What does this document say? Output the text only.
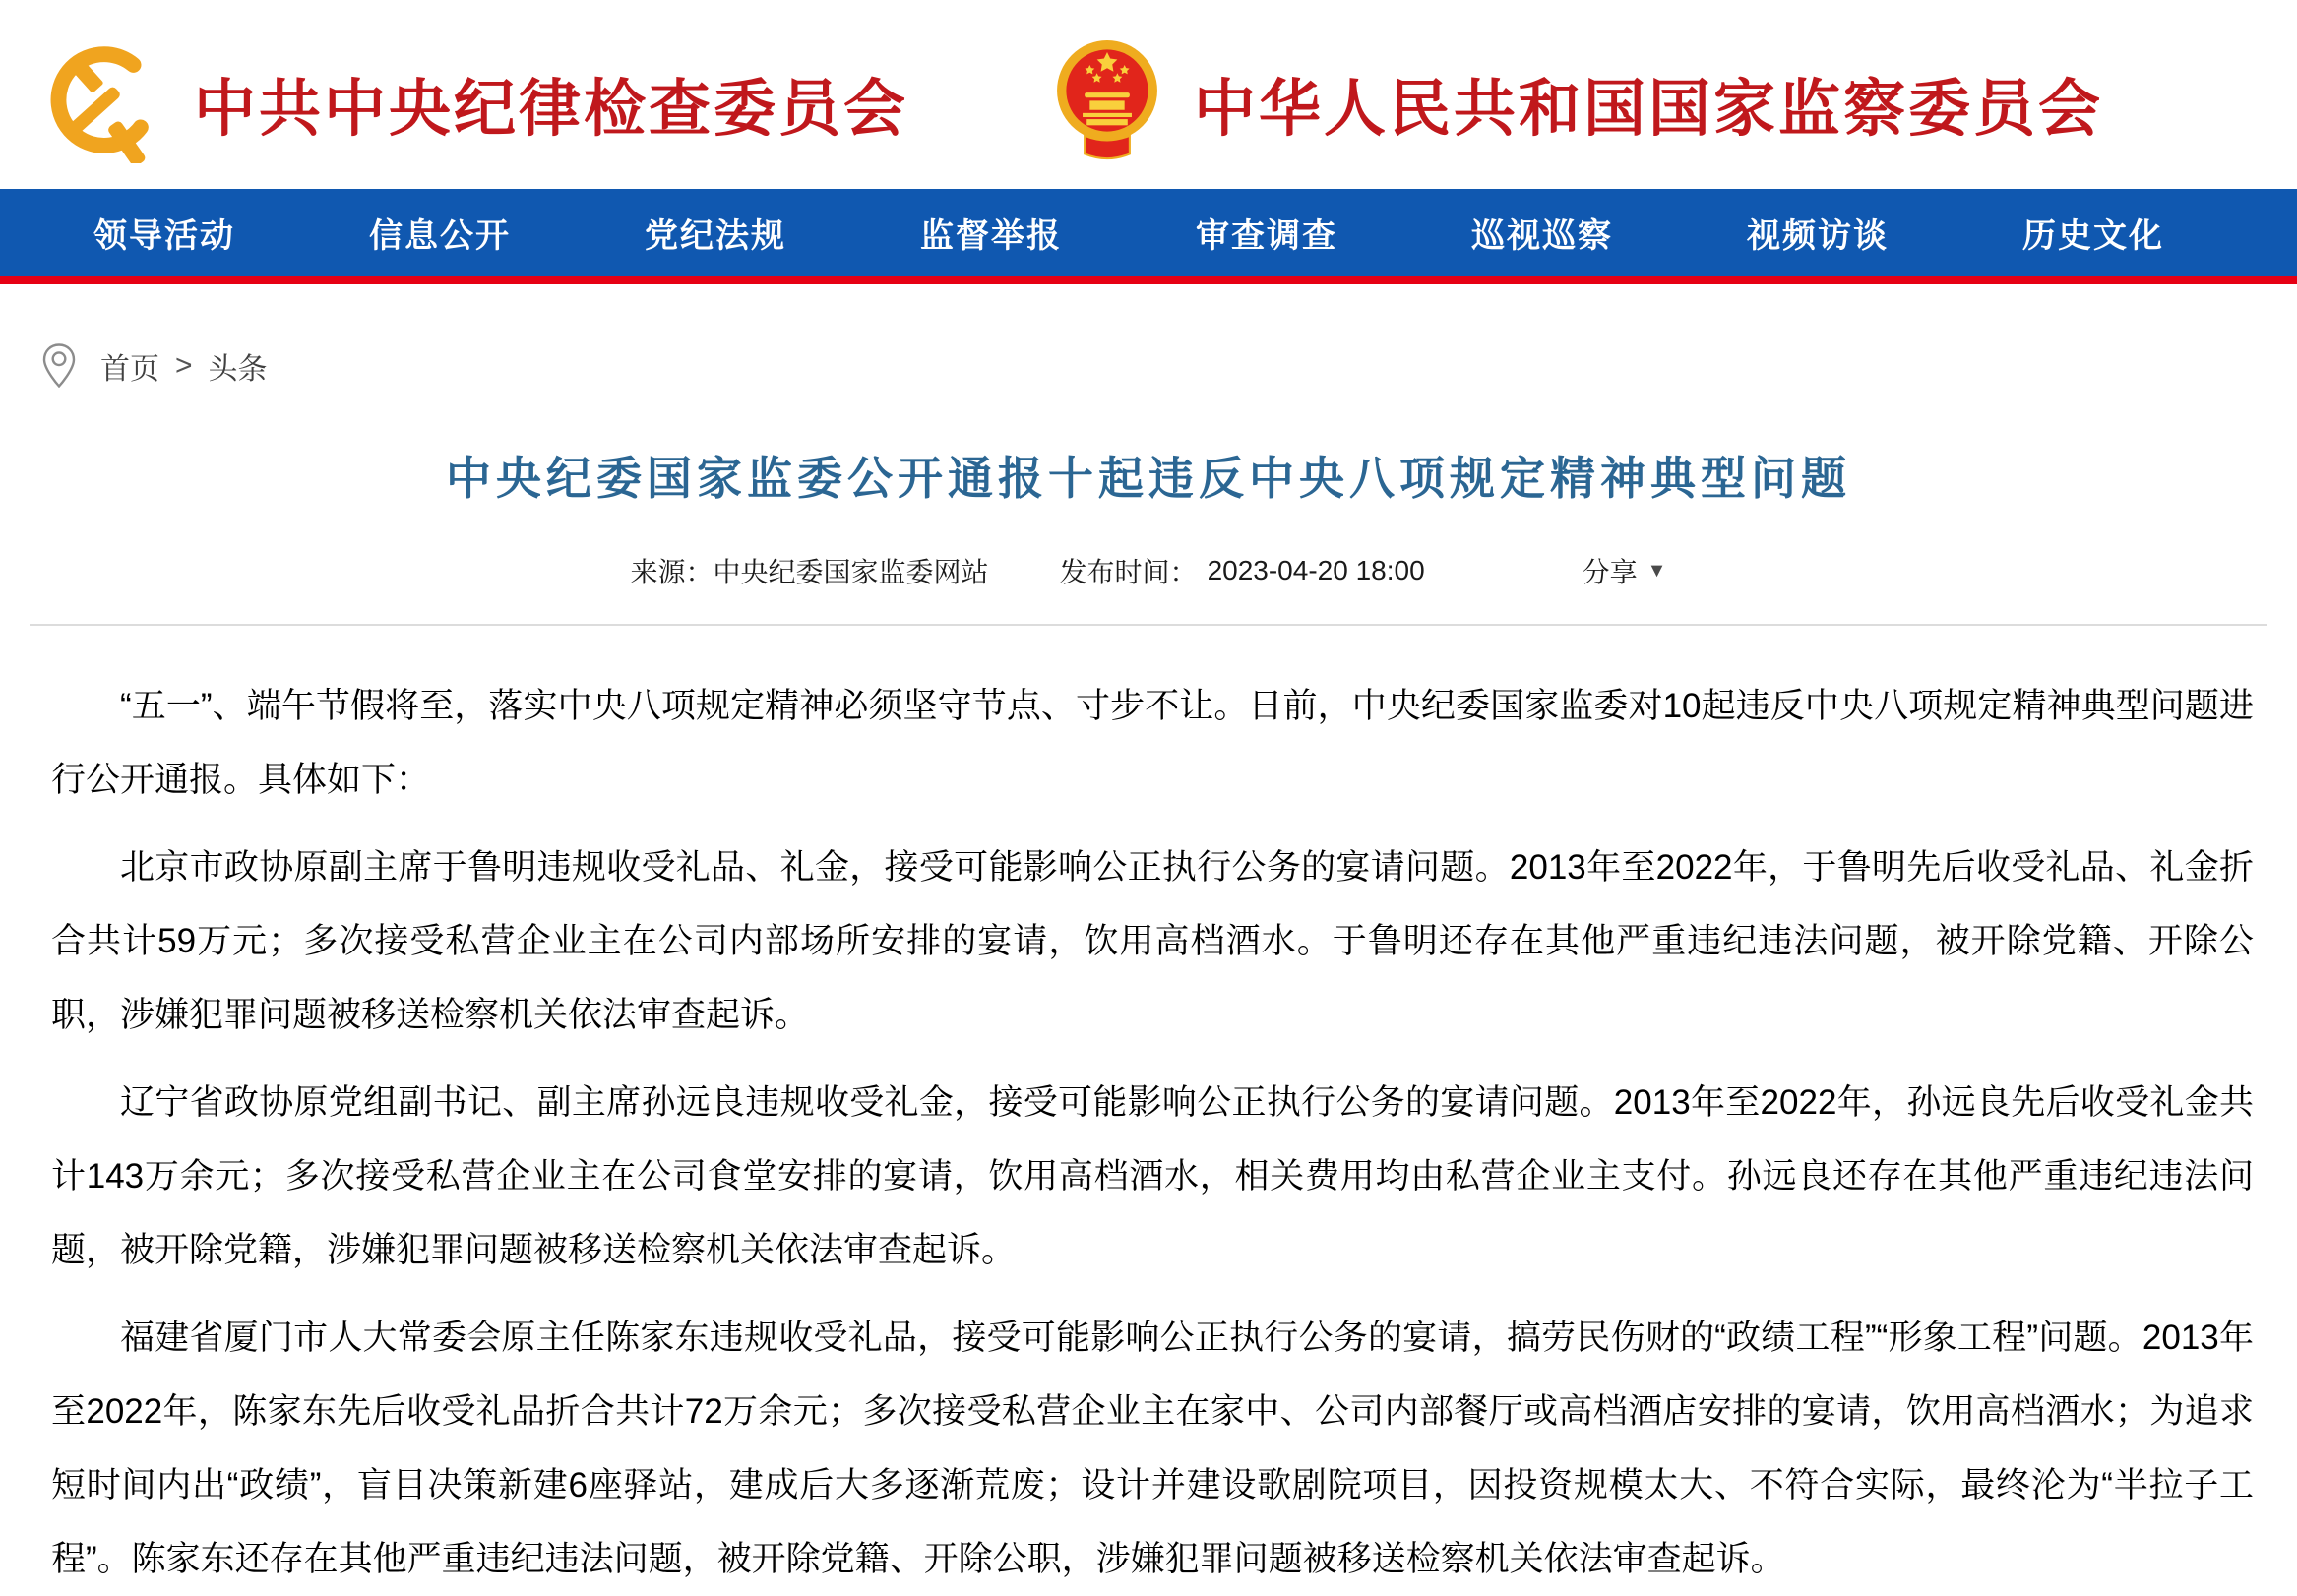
中共中央纪律检查委员会	中华人民共和国国家监察委员会
领导活动	信息公开	党纪法规	监督举报	审查调查	巡视巡察	视频访谈	历史文化
首页 > 头条
中央纪委国家监委公开通报十起违反中央八项规定精神典型问题
来源：中央纪委国家监委网站	发布时间： 2023-04-20 18:00	分享 ▼

“五一”、端午节假将至，落实中央八项规定精神必须坚守节点、寸步不让。日前，中央纪委国家监委对10起违反中央八项规定精神典型问题进行公开通报。具体如下：

北京市政协原副主席于鲁明违规收受礼品、礼金，接受可能影响公正执行公务的宴请问题。2013年至2022年，于鲁明先后收受礼品、礼金折合共计59万元；多次接受私营企业主在公司内部场所安排的宴请，饮用高档酒水。于鲁明还存在其他严重违纪违法问题，被开除党籍、开除公职，涉嫌犯罪问题被移送检察机关依法审查起诉。

辽宁省政协原党组副书记、副主席孙远良违规收受礼金，接受可能影响公正执行公务的宴请问题。2013年至2022年，孙远良先后收受礼金共计143万余元；多次接受私营企业主在公司食堂安排的宴请，饮用高档酒水，相关费用均由私营企业主支付。孙远良还存在其他严重违纪违法问题，被开除党籍，涉嫌犯罪问题被移送检察机关依法审查起诉。

福建省厦门市人大常委会原主任陈家东违规收受礼品，接受可能影响公正执行公务的宴请，搞劳民伤财的“政绩工程”“形象工程”问题。2013年至2022年，陈家东先后收受礼品折合共计72万余元；多次接受私营企业主在家中、公司内部餐厅或高档酒店安排的宴请，饮用高档酒水；为追求短时间内出“政绩”，盲目决策新建6座驿站，建成后大多逐渐荒废；设计并建设歌剧院项目，因投资规模太大、不符合实际，最终沦为“半拉子工程”。陈家东还存在其他严重违纪违法问题，被开除党籍、开除公职，涉嫌犯罪问题被移送检察机关依法审查起诉。
